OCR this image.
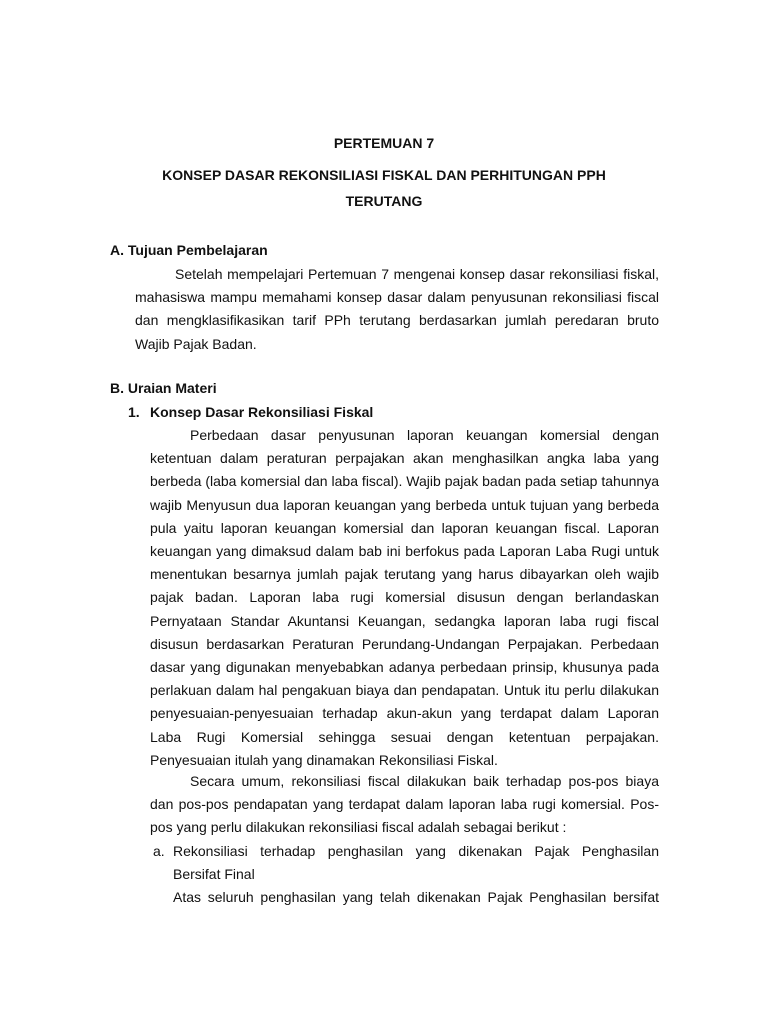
PERTEMUAN 7

KONSEP DASAR REKONSILIASI FISKAL DAN PERHITUNGAN PPH

TERUTANG

A. Tujuan Pembelajaran

Setelah mempelajari Pertemuan 7 mengenai konsep dasar rekonsiliasi fiskal, mahasiswa mampu memahami konsep dasar dalam penyusunan rekonsiliasi fiscal dan mengklasifikasikan tarif PPh terutang berdasarkan jumlah peredaran bruto Wajib Pajak Badan.

B. Uraian Materi

1. Konsep Dasar Rekonsiliasi Fiskal

Perbedaan dasar penyusunan laporan keuangan komersial dengan ketentuan dalam peraturan perpajakan akan menghasilkan angka laba yang berbeda (laba komersial dan laba fiscal). Wajib pajak badan pada setiap tahunnya wajib Menyusun dua laporan keuangan yang berbeda untuk tujuan yang berbeda pula yaitu laporan keuangan komersial dan laporan keuangan fiscal. Laporan keuangan yang dimaksud dalam bab ini berfokus pada Laporan Laba Rugi untuk menentukan besarnya jumlah pajak terutang yang harus dibayarkan oleh wajib pajak badan. Laporan laba rugi komersial disusun dengan berlandaskan Pernyataan Standar Akuntansi Keuangan, sedangka laporan laba rugi fiscal disusun berdasarkan Peraturan Perundang-Undangan Perpajakan. Perbedaan dasar yang digunakan menyebabkan adanya perbedaan prinsip, khusunya pada perlakuan dalam hal pengakuan biaya dan pendapatan. Untuk itu perlu dilakukan penyesuaian-penyesuaian terhadap akun-akun yang terdapat dalam Laporan Laba Rugi Komersial sehingga sesuai dengan ketentuan perpajakan. Penyesuaian itulah yang dinamakan Rekonsiliasi Fiskal.

Secara umum, rekonsiliasi fiscal dilakukan baik terhadap pos-pos biaya dan pos-pos pendapatan yang terdapat dalam laporan laba rugi komersial. Pos-pos yang perlu dilakukan rekonsiliasi fiscal adalah sebagai berikut :

a. Rekonsiliasi terhadap penghasilan yang dikenakan Pajak Penghasilan Bersifat Final

Atas seluruh penghasilan yang telah dikenakan Pajak Penghasilan bersifat
